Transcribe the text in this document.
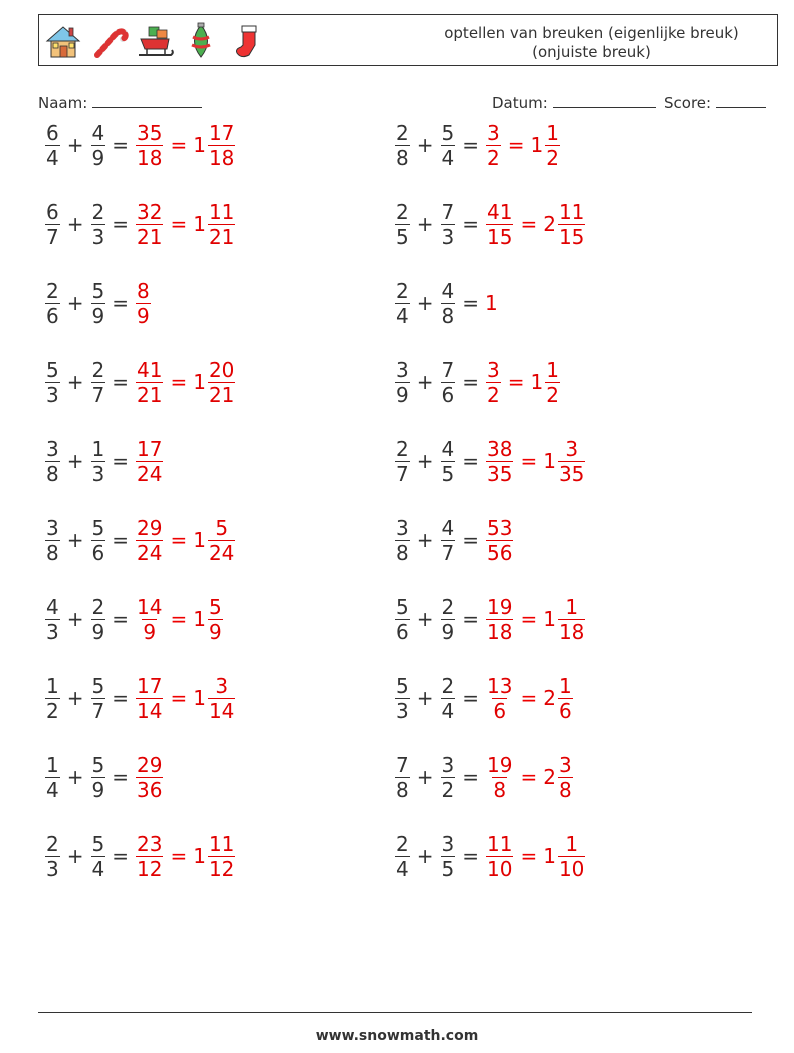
optellen van breuken (eigenlijke breuk)
(onjuiste breuk)
Naam:	Datum:	Score:
$\frac{6}{4} + \frac{4}{9} = \frac{35}{18} = 1 \frac{17}{18}$	$\frac{2}{8} + \frac{5}{4} = \frac{3}{2} = 1 \frac{1}{2}$
$\frac{6}{7} + \frac{2}{3} = \frac{32}{21} = 1 \frac{11}{21}$	$\frac{2}{5} + \frac{7}{3} = \frac{41}{15} = 2 \frac{11}{15}$
$\frac{2}{6} + \frac{5}{9} = \frac{8}{9}$	$\frac{2}{4} + \frac{4}{8} = 1$
$\frac{5}{3} + \frac{2}{7} = \frac{41}{21} = 1 \frac{20}{21}$	$\frac{3}{9} + \frac{7}{6} = \frac{3}{2} = 1 \frac{1}{2}$
$\frac{3}{8} + \frac{1}{3} = \frac{17}{24}$	$\frac{2}{7} + \frac{4}{5} = \frac{38}{35} = 1 \frac{3}{35}$
$\frac{3}{8} + \frac{5}{6} = \frac{29}{24} = 1 \frac{5}{24}$	$\frac{3}{8} + \frac{4}{7} = \frac{53}{56}$
$\frac{4}{3} + \frac{2}{9} = \frac{14}{9} = 1 \frac{5}{9}$	$\frac{5}{6} + \frac{2}{9} = \frac{19}{18} = 1 \frac{1}{18}$
$\frac{1}{2} + \frac{5}{7} = \frac{17}{14} = 1 \frac{3}{14}$	$\frac{5}{3} + \frac{2}{4} = \frac{13}{6} = 2 \frac{1}{6}$
$\frac{1}{4} + \frac{5}{9} = \frac{29}{36}$	$\frac{7}{8} + \frac{3}{2} = \frac{19}{8} = 2 \frac{3}{8}$
$\frac{2}{3} + \frac{5}{4} = \frac{23}{12} = 1 \frac{11}{12}$	$\frac{2}{4} + \frac{3}{5} = \frac{11}{10} = 1 \frac{1}{10}$
www.snowmath.com
